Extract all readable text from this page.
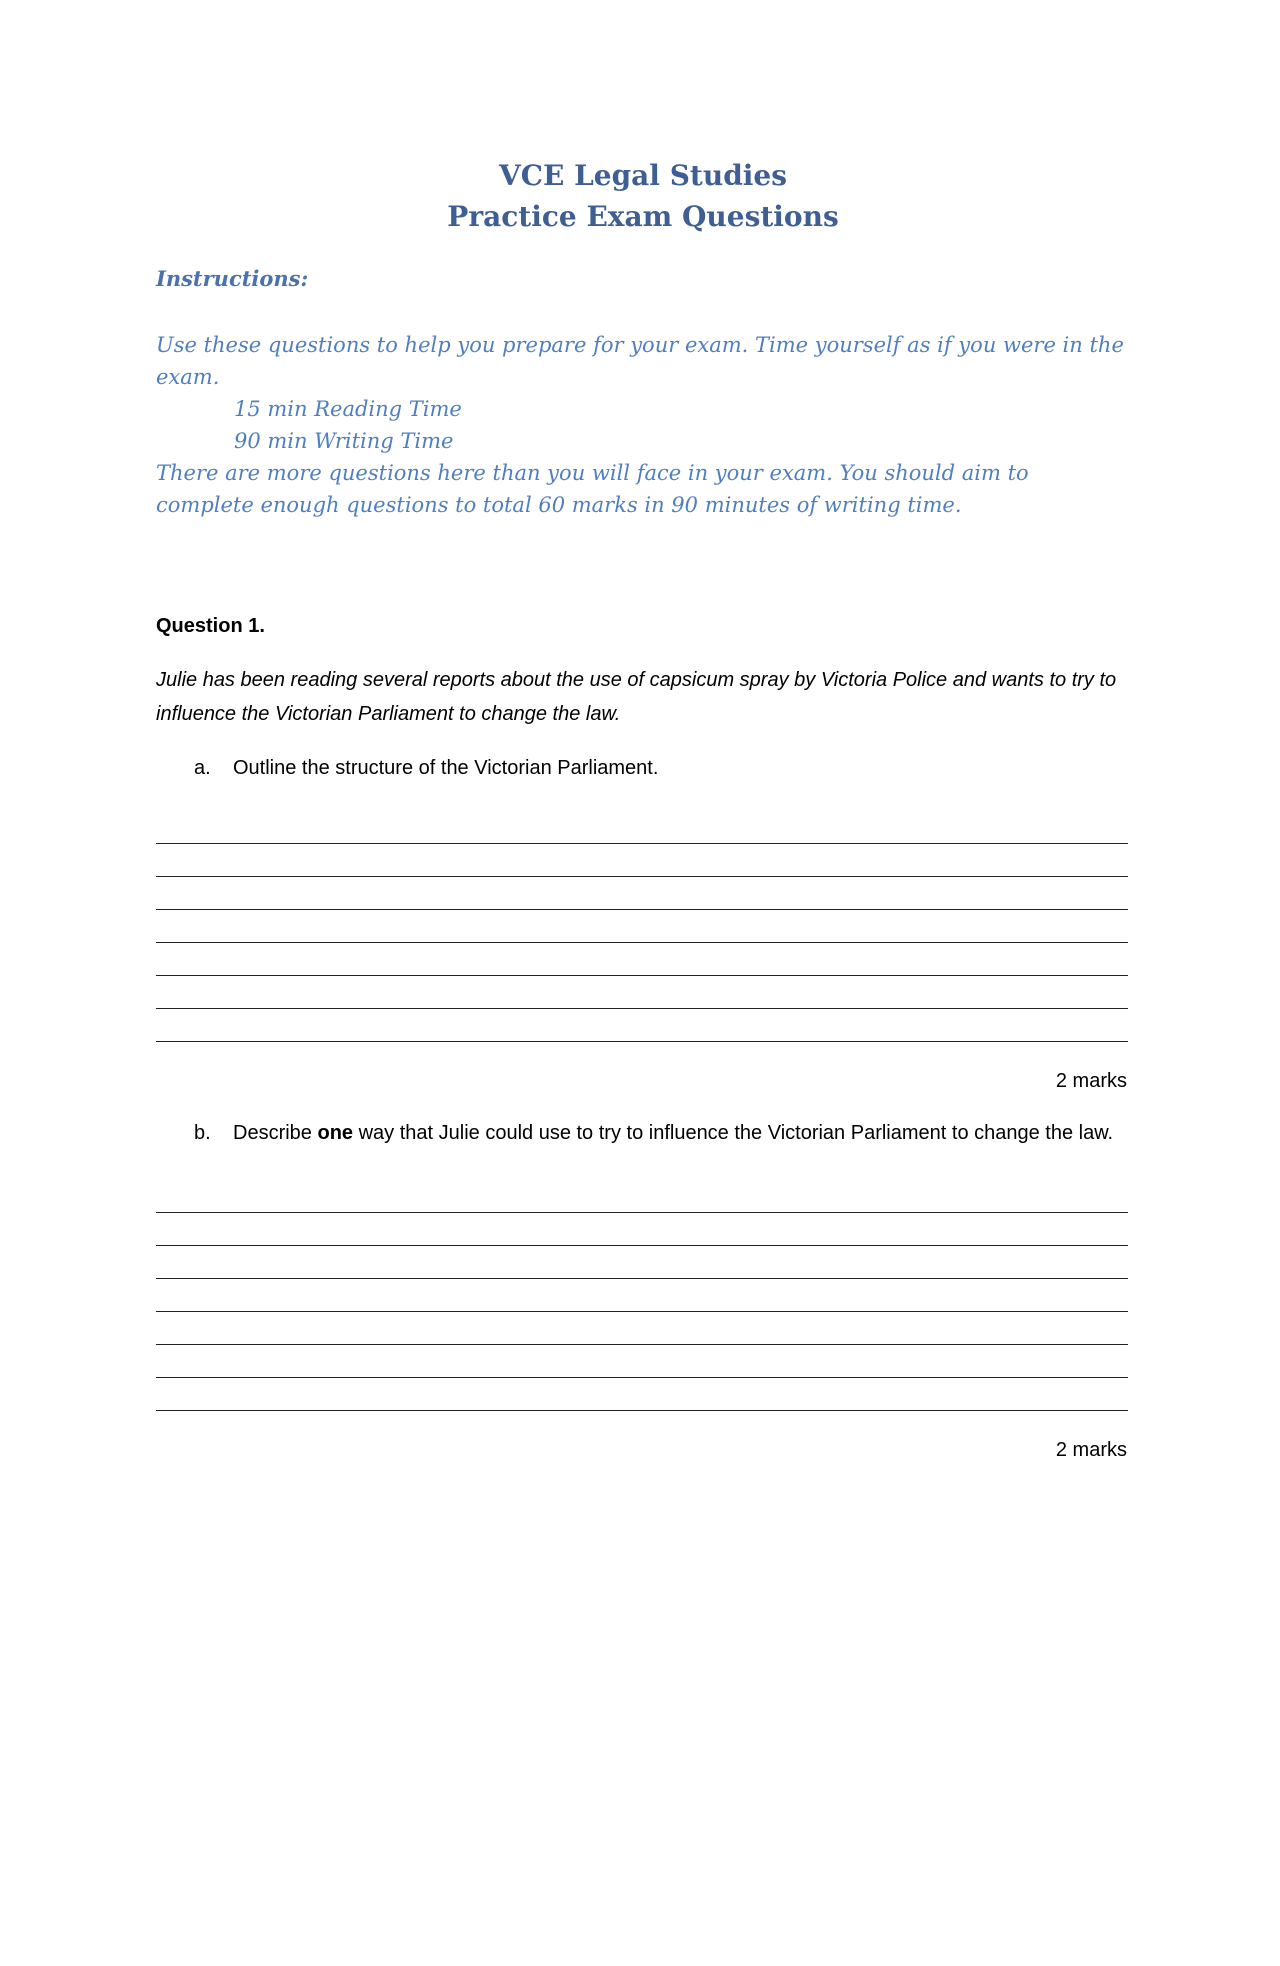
VCE Legal Studies
Practice Exam Questions
Instructions:
Use these questions to help you prepare for your exam. Time yourself as if you were in the exam.
15 min Reading Time
90 min Writing Time
There are more questions here than you will face in your exam. You should aim to complete enough questions to total 60 marks in 90 minutes of writing time.
Question 1.
Julie has been reading several reports about the use of capsicum spray by Victoria Police and wants to try to influence the Victorian Parliament to change the law.
a.	Outline the structure of the Victorian Parliament.
2 marks
b.	Describe one way that Julie could use to try to influence the Victorian Parliament to change the law.
2 marks
